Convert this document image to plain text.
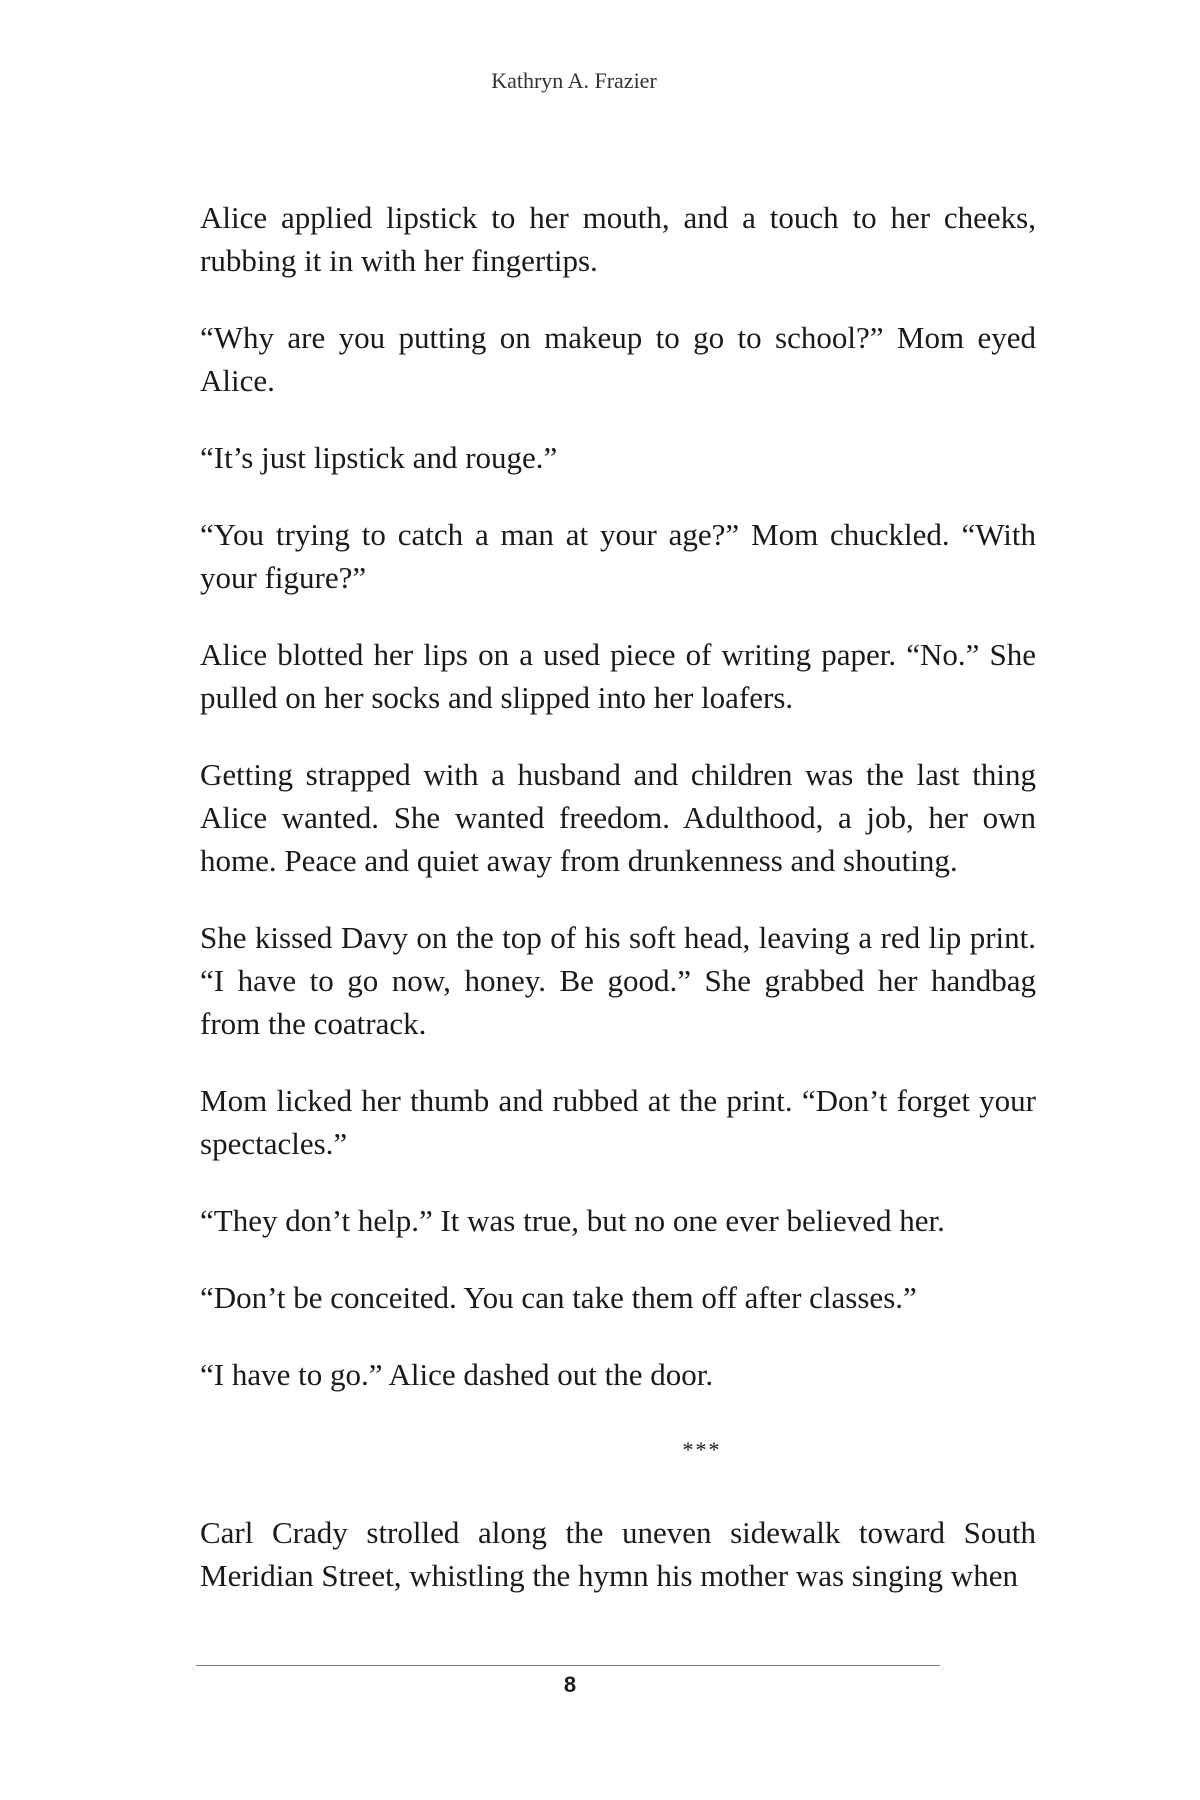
Kathryn A. Frazier

Alice applied lipstick to her mouth, and a touch to her cheeks, rubbing it in with her fingertips.

“Why are you putting on makeup to go to school?” Mom eyed Alice.

“It’s just lipstick and rouge.”

“You trying to catch a man at your age?” Mom chuckled. “With your figure?”

Alice blotted her lips on a used piece of writing paper. “No.” She pulled on her socks and slipped into her loafers.

Getting strapped with a husband and children was the last thing Alice wanted. She wanted freedom. Adulthood, a job, her own home. Peace and quiet away from drunkenness and shouting.

She kissed Davy on the top of his soft head, leaving a red lip print. “I have to go now, honey. Be good.” She grabbed her handbag from the coatrack.

Mom licked her thumb and rubbed at the print. “Don’t forget your spectacles.”

“They don’t help.” It was true, but no one ever believed her.

“Don’t be conceited. You can take them off after classes.”

“I have to go.” Alice dashed out the door.

***

Carl Crady strolled along the uneven sidewalk toward South Meridian Street, whistling the hymn his mother was singing when

8
